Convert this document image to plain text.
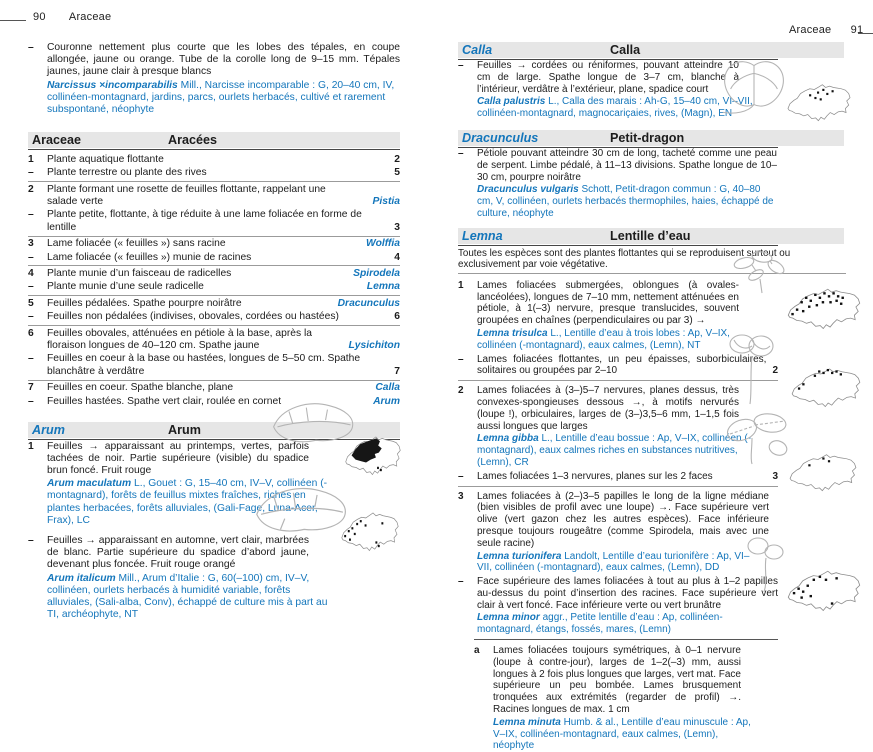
90 Araceae
Araceae 91
–	Couronne nettement plus courte que les lobes des tépales, en coupe allongée, jaune ou orange. Tube de la corolle long de 9–15 mm. Tépales jaunes, jaune clair à presque blancs
Narcissus ×incomparabilis Mill., Narcisse incomparable : G, 20–40 cm, IV, collinéen-montagnard, jardins, parcs, ourlets herbacés, cultivé et rarement subspontané, néophyte
Araceae	Aracées
1	Plante aquatique flottante	2
–	Plante terrestre ou plante des rives	5
2	Plante formant une rosette de feuilles flottante, rappelant une salade verte	Pistia
–	Plante petite, flottante, à tige réduite à une lame foliacée en forme de lentille	3
3	Lame foliacée (« feuilles ») sans racine	Wolffia
–	Lame foliacée (« feuilles ») munie de racines	4
4	Plante munie d’un faisceau de radicelles	Spirodela
–	Plante munie d’une seule radicelle	Lemna
5	Feuilles pédalées. Spathe pourpre noirâtre	Dracunculus
–	Feuilles non pédalées (indivises, obovales, cordées ou hastées)	6
6	Feuilles obovales, atténuées en pétiole à la base, après la floraison longues de 40–120 cm. Spathe jaune	Lysichiton
–	Feuilles en coeur à la base ou hastées, longues de 5–50 cm. Spathe blanchâtre à verdâtre	7
7	Feuilles en coeur. Spathe blanche, plane	Calla
–	Feuilles hastées. Spathe vert clair, roulée en cornet	Arum
Arum	Arum
1	Feuilles → apparaissant au printemps, vertes, parfois tachées de noir. Partie supérieure (visible) du spadice brun foncé. Fruit rouge
Arum maculatum L., Gouet : G, 15–40 cm, IV–V, collinéen (-montagnard), forêts de feuillus mixtes fraîches, riches en plantes herbacées, forêts alluviales, (Gali-Fage, Luna-Acer, Frax), LC
–	Feuilles → apparaissant en automne, vert clair, marbrées de blanc. Partie supérieure du spadice d’abord jaune, devenant plus foncée. Fruit rouge orangé
Arum italicum Mill., Arum d’Italie : G, 60(–100) cm, IV–V, collinéen, ourlets herbacés à humidité variable, forêts alluviales, (Sali-alba, Conv), échappé de culture mis à part au TI, archéophyte, NT
Calla	Calla
–	Feuilles → cordées ou réniformes, pouvant atteindre 10 cm de large. Spathe longue de 3–7 cm, blanche à l’intérieur, verdâtre à l’extérieur, plane, spadice court
Calla palustris L., Calla des marais : Ah-G, 15–40 cm, VI–VII, collinéen-montagnard, magnocariçaies, rives, (Magn), EN
Dracunculus	Petit-dragon
–	Pétiole pouvant atteindre 30 cm de long, tacheté comme une peau de serpent. Limbe pédalé, à 11–13 divisions. Spathe longue de 10–30 cm, pourpre noirâtre
Dracunculus vulgaris Schott, Petit-dragon commun : G, 40–80 cm, V, collinéen, ourlets herbacés thermophiles, haies, échappé de culture, néophyte
Lemna	Lentille d’eau
Toutes les espèces sont des plantes flottantes qui se reproduisent surtout ou exclusivement par voie végétative.
1	Lames foliacées submergées, oblongues (à ovales-lancéolées), longues de 7–10 mm, nettement atténuées en pétiole, à 1(–3) nervure, presque translucides, souvent groupées en chaînes (perpendiculaires ou par 3) →
Lemna trisulca L., Lentille d’eau à trois lobes : Ap, V–IX, collinéen (-montagnard), eaux calmes, (Lemn), NT
–	Lames foliacées flottantes, un peu épaisses, suborbiculaires, solitaires ou groupées par 2–10	2
2	Lames foliacées à (3–)5–7 nervures, planes dessus, très convexes-spongieuses dessous →, à motifs nervurés (loupe !), orbiculaires, larges de (3–)3,5–6 mm, 1–1,5 fois aussi longues que larges
Lemna gibba L., Lentille d’eau bossue : Ap, V–IX, collinéen (-montagnard), eaux calmes riches en substances nutritives, (Lemn), CR
–	Lames foliacées 1–3 nervures, planes sur les 2 faces	3
3	Lames foliacées à (2–)3–5 papilles le long de la ligne médiane (bien visibles de profil avec une loupe) →. Face supérieure vert olive (vert gazon chez les autres espèces). Face inférieure presque toujours rougeâtre (comme Spirodela, mais avec une seule racine)
Lemna turionifera Landolt, Lentille d’eau turionifère : Ap, VI–VII, collinéen (-montagnard), eaux calmes, (Lemn), DD
–	Face supérieure des lames foliacées à tout au plus à 1–2 papilles au-dessus du point d’insertion des racines. Face supérieure vert clair à vert foncé. Face inférieure verte ou vert brunâtre
Lemna minor aggr., Petite lentille d’eau : Ap, collinéen-montagnard, étangs, fossés, mares, (Lemn)
a	Lames foliacées toujours symétriques, à 0–1 nervure (loupe à contre-jour), larges de 1–2(–3) mm, aussi longues à 2 fois plus longues que larges, vert mat. Face supérieure un peu bombée. Lames brusquement tronquées aux extrémités (regarder de profil) →. Racines longues de max. 1 cm
Lemna minuta Humb. & al., Lentille d’eau minuscule : Ap, V–IX, collinéen-montagnard, eaux calmes, (Lemn), néophyte
